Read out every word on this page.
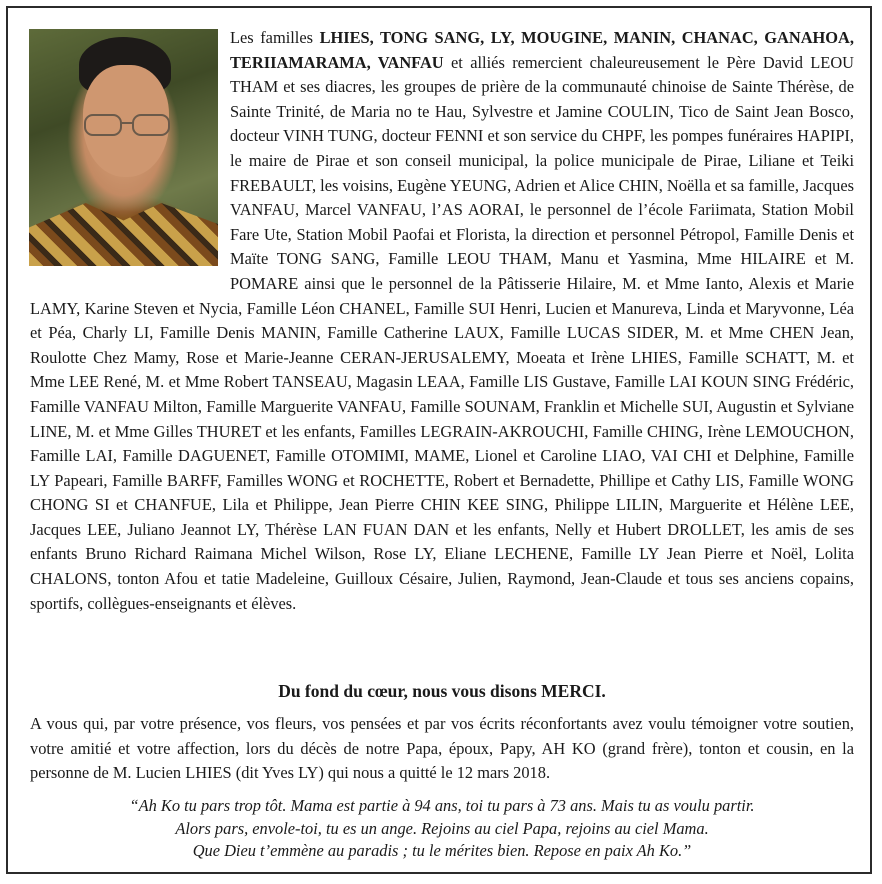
Les familles LHIES, TONG SANG, LY, MOUGINE, MANIN, CHANAC, GANAHOA, TERIIAMARAMA, VANFAU et alliés remercient chaleureusement le Père David LEOU THAM et ses diacres, les groupes de prière de la communauté chinoise de Sainte Thérèse, de Sainte Trinité, de Maria no te Hau, Sylvestre et Jamine COULIN, Tico de Saint Jean Bosco, docteur VINH TUNG, docteur FENNI et son service du CHPF, les pompes funéraires HAPIPI, le maire de Pirae et son conseil municipal, la police municipale de Pirae, Liliane et Teiki FREBAULT, les voisins, Eugène YEUNG, Adrien et Alice CHIN, Noëlla et sa famille, Jacques VANFAU, Marcel VANFAU, l’AS AORAI, le personnel de l’école Fariimata, Station Mobil Fare Ute, Station Mobil Paofai et Florista, la direction et personnel Pétropol, Famille Denis et Maïte TONG SANG, Famille LEOU THAM, Manu et Yasmina, Mme HILAIRE et M. POMARE ainsi que le personnel de la Pâtisserie Hilaire, M. et Mme Ianto, Alexis et Marie LAMY, Karine Steven et Nycia, Famille Léon CHANEL, Famille SUI Henri, Lucien et Manureva, Linda et Maryvonne, Léa et Péa, Charly LI, Famille Denis MANIN, Famille Catherine LAUX, Famille LUCAS SIDER, M. et Mme CHEN Jean, Roulotte Chez Mamy, Rose et Marie-Jeanne CERAN-JERUSALEMY, Moeata et Irène LHIES, Famille SCHATT, M. et Mme LEE René, M. et Mme Robert TANSEAU, Magasin LEAA, Famille LIS Gustave, Famille LAI KOUN SING Frédéric, Famille VANFAU Milton, Famille Marguerite VANFAU, Famille SOUNAM, Franklin et Michelle SUI, Augustin et Sylviane LINE, M. et Mme Gilles THURET et les enfants, Familles LEGRAIN-AKROUCHI, Famille CHING, Irène LEMOUCHON, Famille LAI, Famille DAGUENET, Famille OTOMIMI, MAME, Lionel et Caroline LIAO, VAI CHI et Delphine, Famille LY Papeari, Famille BARFF, Familles WONG et ROCHETTE, Robert et Bernadette, Phillipe et Cathy LIS, Famille WONG CHONG SI et CHANFUE, Lila et Philippe, Jean Pierre CHIN KEE SING, Philippe LILIN, Marguerite et Hélène LEE, Jacques LEE, Juliano Jeannot LY, Thérèse LAN FUAN DAN et les enfants, Nelly et Hubert DROLLET, les amis de ses enfants Bruno Richard Raimana Michel Wilson, Rose LY, Eliane LECHENE, Famille LY Jean Pierre et Noël, Lolita CHALONS, tonton Afou et tatie Madeleine, Guilloux Césaire, Julien, Raymond, Jean-Claude et tous ses anciens copains, sportifs, collègues-enseignants et élèves.
Du fond du cœur, nous vous disons MERCI.
A vous qui, par votre présence, vos fleurs, vos pensées et par vos écrits réconfortants avez voulu témoigner votre soutien, votre amitié et votre affection, lors du décès de notre Papa, époux, Papy, AH KO (grand frère), tonton et cousin, en la personne de M. Lucien LHIES (dit Yves LY) qui nous a quitté le 12 mars 2018.
“Ah Ko tu pars trop tôt. Mama est partie à 94 ans, toi tu pars à 73 ans. Mais tu as voulu partir.
Alors pars, envole-toi, tu es un ange. Rejoins au ciel Papa, rejoins au ciel Mama.
Que Dieu t’emmène au paradis ; tu le mérites bien. Repose en paix Ah Ko.”
